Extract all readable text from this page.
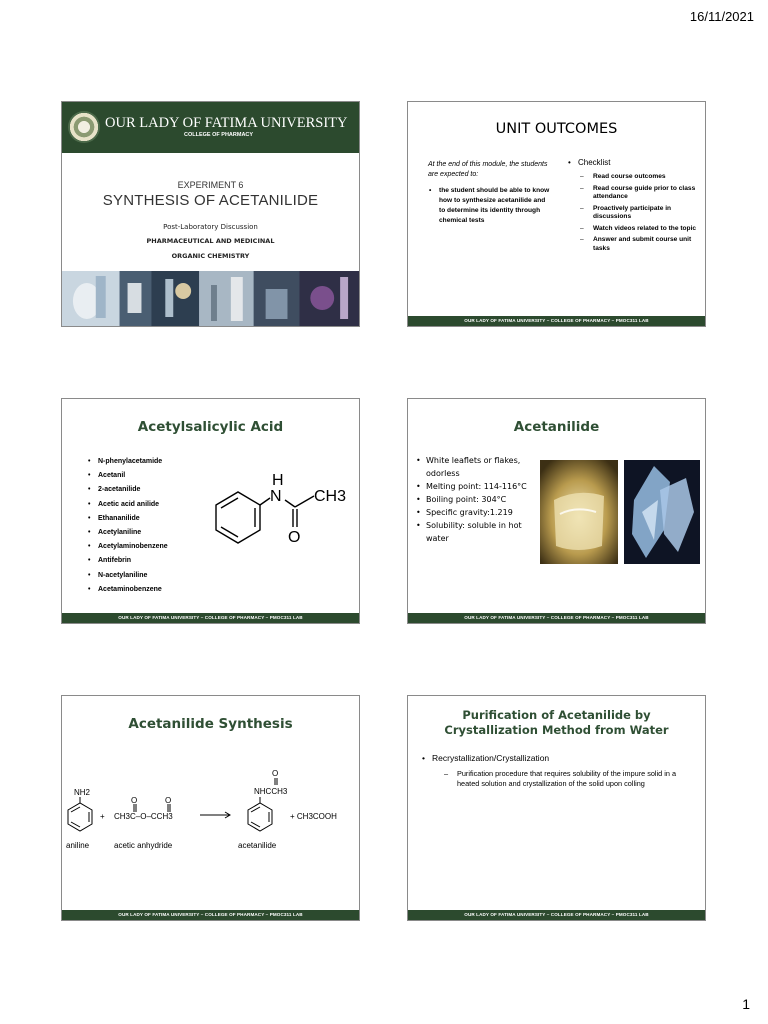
16/11/2021
OUR LADY OF FATIMA UNIVERSITY
COLLEGE OF PHARMACY
EXPERIMENT 6
SYNTHESIS OF ACETANILIDE
Post-Laboratory Discussion
PHARMACEUTICAL AND MEDICINAL
ORGANIC CHEMISTRY
UNIT OUTCOMES
At the end of this module, the students are expected to:
• the student should be able to know how to synthesize acetanilide and to determine its identity through chemical tests
• Checklist
– Read course outcomes
– Read course guide prior to class attendance
– Proactively participate in discussions
– Watch videos related to the topic
– Answer and submit course unit tasks
OUR LADY OF FATIMA UNIVERSITY – COLLEGE OF PHARMACY – PMOC311 LAB
Acetylsalicylic Acid
• N-phenylacetamide
• Acetanil
• 2-acetanilide
• Acetic acid anilide
• Ethananilide
• Acetylaniline
• Acetylaminobenzene
• Antifebrin
• N-acetylaniline
• Acetaminobenzene
H
N CH3
O
OUR LADY OF FATIMA UNIVERSITY – COLLEGE OF PHARMACY – PMOC311 LAB
Acetanilide
• White leaflets or flakes, odorless
• Melting point: 114-116°C
• Boiling point: 304°C
• Specific gravity:1.219
• Solubility: soluble in hot water
OUR LADY OF FATIMA UNIVERSITY – COLLEGE OF PHARMACY – PMOC311 LAB
Acetanilide Synthesis
NH2
+
O	O
CH3C–O–CCH3
O
NHCCH3
+ CH3COOH
aniline	acetic anhydride	acetanilide
OUR LADY OF FATIMA UNIVERSITY – COLLEGE OF PHARMACY – PMOC311 LAB
Purification of Acetanilide by Crystallization Method from Water
• Recrystallization/Crystallization
– Purification procedure that requires solubility of the impure solid in a heated solution and crystallization of the solid upon colling
OUR LADY OF FATIMA UNIVERSITY – COLLEGE OF PHARMACY – PMOC311 LAB
1
